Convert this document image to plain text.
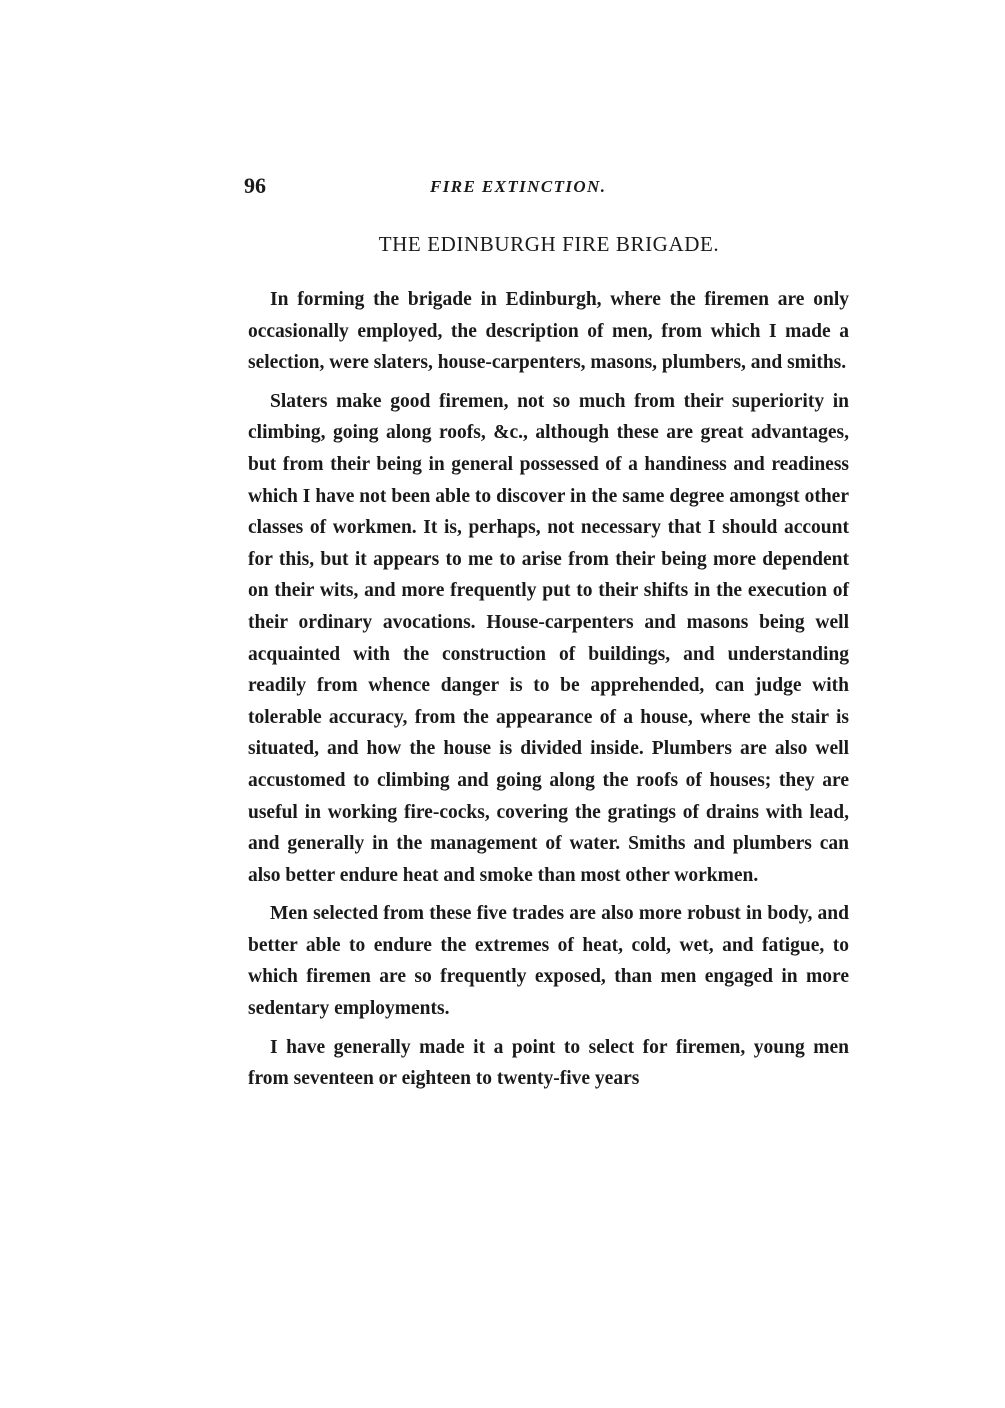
96	FIRE EXTINCTION.
THE EDINBURGH FIRE BRIGADE.

In forming the brigade in Edinburgh, where the firemen are only occasionally employed, the description of men, from which I made a selection, were slaters, house-carpenters, masons, plumbers, and smiths.

Slaters make good firemen, not so much from their superiority in climbing, going along roofs, &c., although these are great advantages, but from their being in general possessed of a handiness and readiness which I have not been able to discover in the same degree amongst other classes of workmen. It is, perhaps, not necessary that I should account for this, but it appears to me to arise from their being more dependent on their wits, and more frequently put to their shifts in the execution of their ordinary avocations. House-carpenters and masons being well acquainted with the construction of buildings, and understanding readily from whence danger is to be apprehended, can judge with tolerable accuracy, from the appearance of a house, where the stair is situated, and how the house is divided inside. Plumbers are also well accustomed to climbing and going along the roofs of houses; they are useful in working fire-cocks, covering the gratings of drains with lead, and generally in the management of water. Smiths and plumbers can also better endure heat and smoke than most other workmen.

Men selected from these five trades are also more robust in body, and better able to endure the extremes of heat, cold, wet, and fatigue, to which firemen are so frequently exposed, than men engaged in more sedentary employments.

I have generally made it a point to select for firemen, young men from seventeen or eighteen to twenty-five years
